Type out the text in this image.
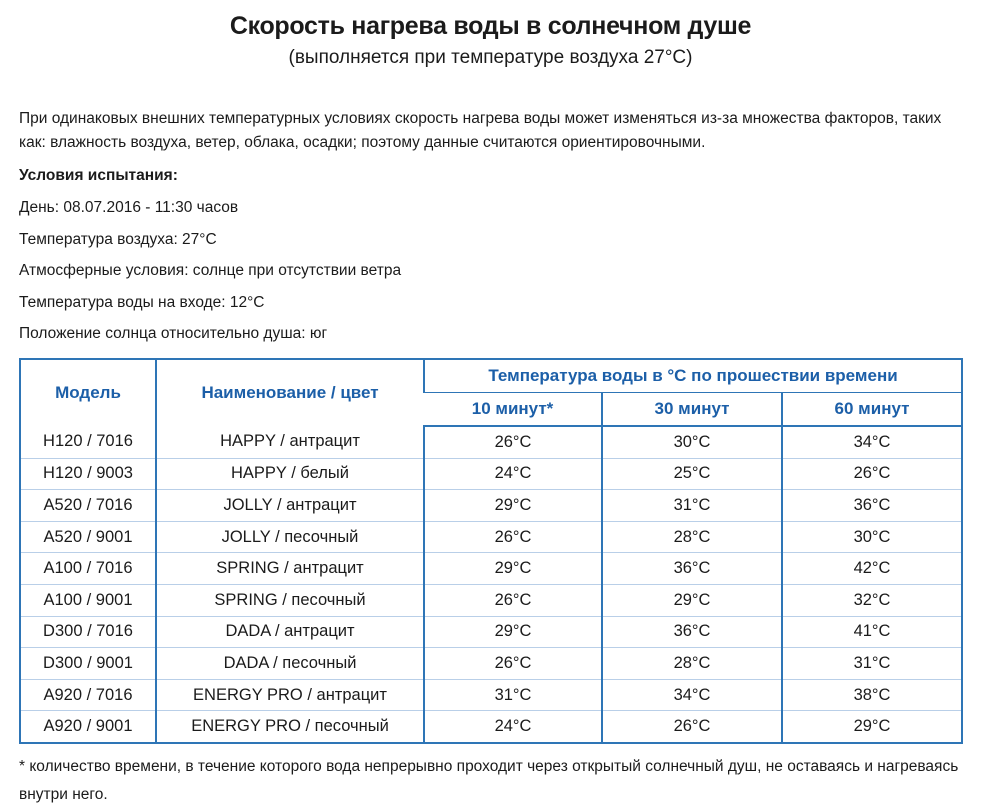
Скорость нагрева воды в солнечном душе
(выполняется при температуре воздуха 27°С)

При одинаковых внешних температурных условиях скорость нагрева воды может изменяться из-за множества факторов, таких как: влажность воздуха, ветер, облака, осадки; поэтому данные считаются ориентировочными.

Условия испытания:
День: 08.07.2016 - 11:30 часов
Температура воздуха: 27°С
Атмосферные условия: солнце при отсутствии ветра
Температура воды на входе: 12°С
Положение солнца относительно душа: юг
Модель	Наименование / цвет	Температура воды в °С по прошествии времени		
		10 минут*	30 минут	60 минут
H120 / 7016	HAPPY / антрацит	26°С	30°С	34°С
H120 / 9003	HAPPY / белый	24°С	25°С	26°С
A520 / 7016	JOLLY / антрацит	29°С	31°С	36°С
A520 / 9001	JOLLY / песочный	26°С	28°С	30°С
A100 / 7016	SPRING / антрацит	29°С	36°С	42°С
A100 / 9001	SPRING / песочный	26°С	29°С	32°С
D300 / 7016	DADA / антрацит	29°С	36°С	41°С
D300 / 9001	DADA / песочный	26°С	28°С	31°С
A920 / 7016	ENERGY PRO / антрацит	31°С	34°С	38°С
A920 / 9001	ENERGY PRO / песочный	24°С	26°С	29°С
* количество времени, в течение которого вода непрерывно проходит через открытый солнечный душ, не оставаясь и нагреваясь внутри него.
